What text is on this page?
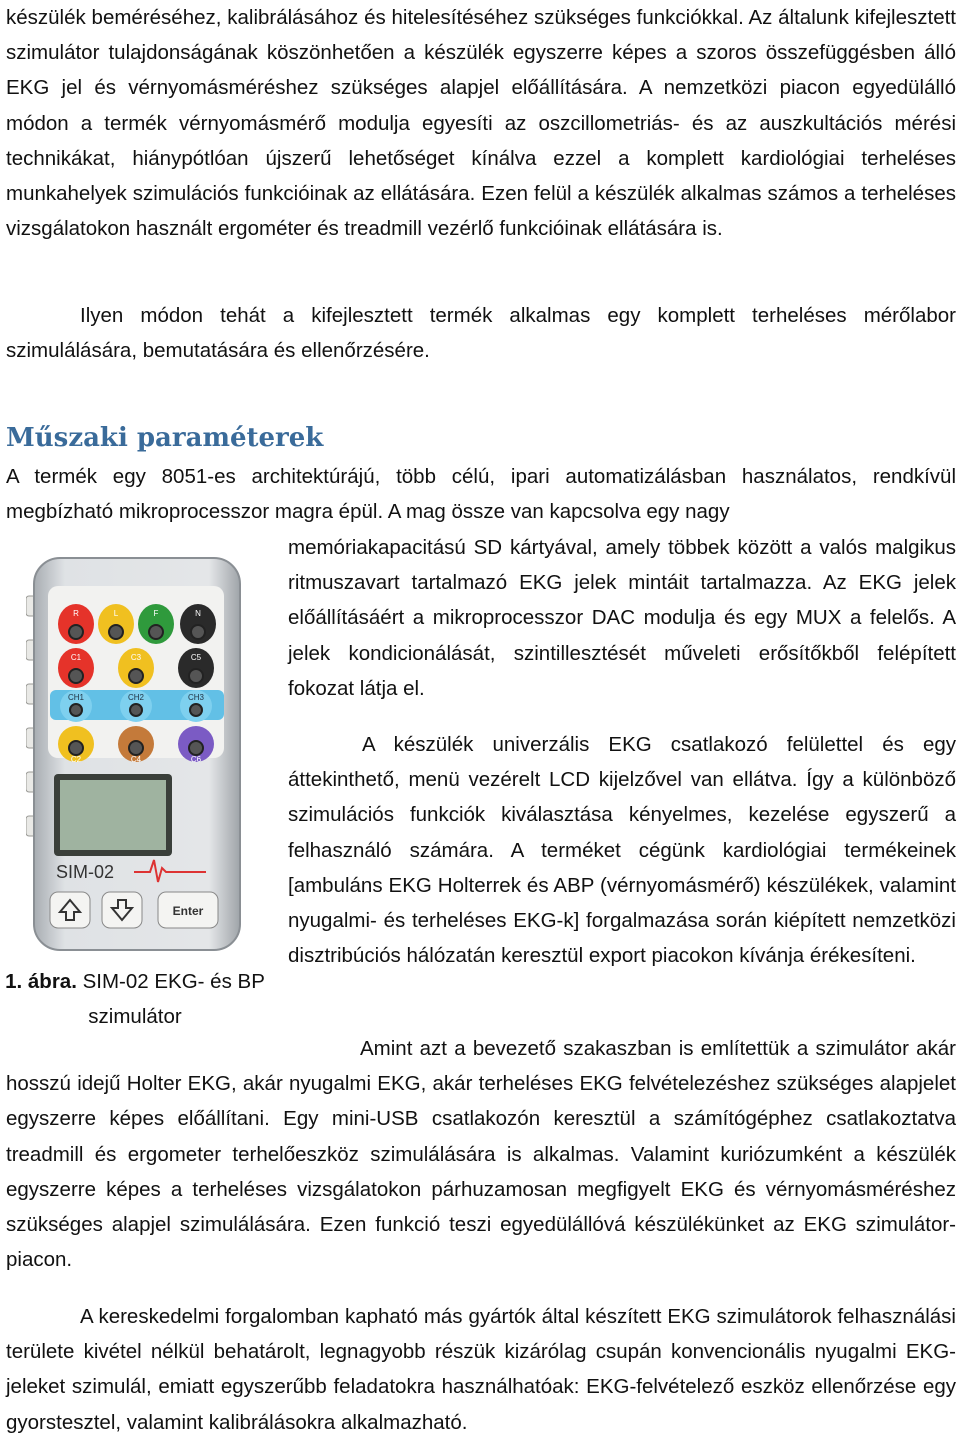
készülék beméréséhez, kalibrálásához és hitelesítéséhez szükséges funkciókkal. Az általunk kifejlesztett szimulátor tulajdonságának köszönhetően a készülék egyszerre képes a szoros összefüggésben álló EKG jel és vérnyomásméréshez szükséges alapjel előállítására. A nemzetközi piacon egyedülálló módon a termék vérnyomásmérő modulja egyesíti az oszcillometriás- és az auszkultációs mérési technikákat, hiánypótlóan újszerű lehetőséget kínálva ezzel a komplett kardiológiai terheléses munkahelyek szimulációs funkcióinak az ellátására. Ezen felül a készülék alkalmas számos a terheléses vizsgálatokon használt ergométer és treadmill vezérlő funkcióinak ellátására is.

Ilyen módon tehát a kifejlesztett termék alkalmas egy komplett terheléses mérőlabor szimulálására, bemutatására és ellenőrzésére.

Műszaki paraméterek

A termék egy 8051-es architektúrájú, több célú, ipari automatizálásban használatos, rendkívül megbízható mikroprocesszor magra épül. A mag össze van kapcsolva egy nagy

memóriakapacitású SD kártyával, amely többek között a valós malgikus ritmuszavart tartalmazó EKG jelek mintáit tartalmazza. Az EKG jelek előállításáért a mikroprocesszor DAC modulja és egy MUX a felelős. A jelek kondicionálását, szintillesztését műveleti erősítőkből felépített fokozat látja el.

R	L	F	N
C1	C3	C5
CH1	CH2	CH3
C2	C4	C6
SIM-02
Enter

1. ábra. SIM-02 EKG- és BP szimulátor

A készülék univerzális EKG csatlakozó felülettel és egy áttekinthető, menü vezérelt LCD kijelzővel van ellátva. Így a különböző szimulációs funkciók kiválasztása kényelmes, kezelése egyszerű a felhasználó számára. A terméket cégünk kardiológiai termékeinek [ambuláns EKG Holterrek és ABP (vérnyomásmérő) készülékek, valamint nyugalmi- és terheléses EKG-k] forgalmazása során kiépített nemzetközi disztribúciós hálózatán keresztül export piacokon kívánja érékesíteni.

Amint azt a bevezető szakaszban is említettük a szimulátor akár hosszú idejű Holter EKG, akár nyugalmi EKG, akár terheléses EKG felvételezéshez szükséges alapjelet egyszerre képes előállítani. Egy mini-USB csatlakozón keresztül a számítógéphez csatlakoztatva treadmill és ergometer terhelőeszköz szimulálására is alkalmas. Valamint kuriózumként a készülék egyszerre képes a terheléses vizsgálatokon párhuzamosan megfigyelt EKG és vérnyomásméréshez szükséges alapjel szimulálására. Ezen funkció teszi egyedülállóvá készülékünket az EKG szimulátor-piacon.

A kereskedelmi forgalomban kapható más gyártók által készített EKG szimulátorok felhasználási területe kivétel nélkül behatárolt, legnagyobb részük kizárólag csupán konvencionális nyugalmi EKG-jeleket szimulál, emiatt egyszerűbb feladatokra használhatóak: EKG-felvételező eszköz ellenőrzése egy gyorstesztel, valamint kalibrálásokra alkalmazható.
